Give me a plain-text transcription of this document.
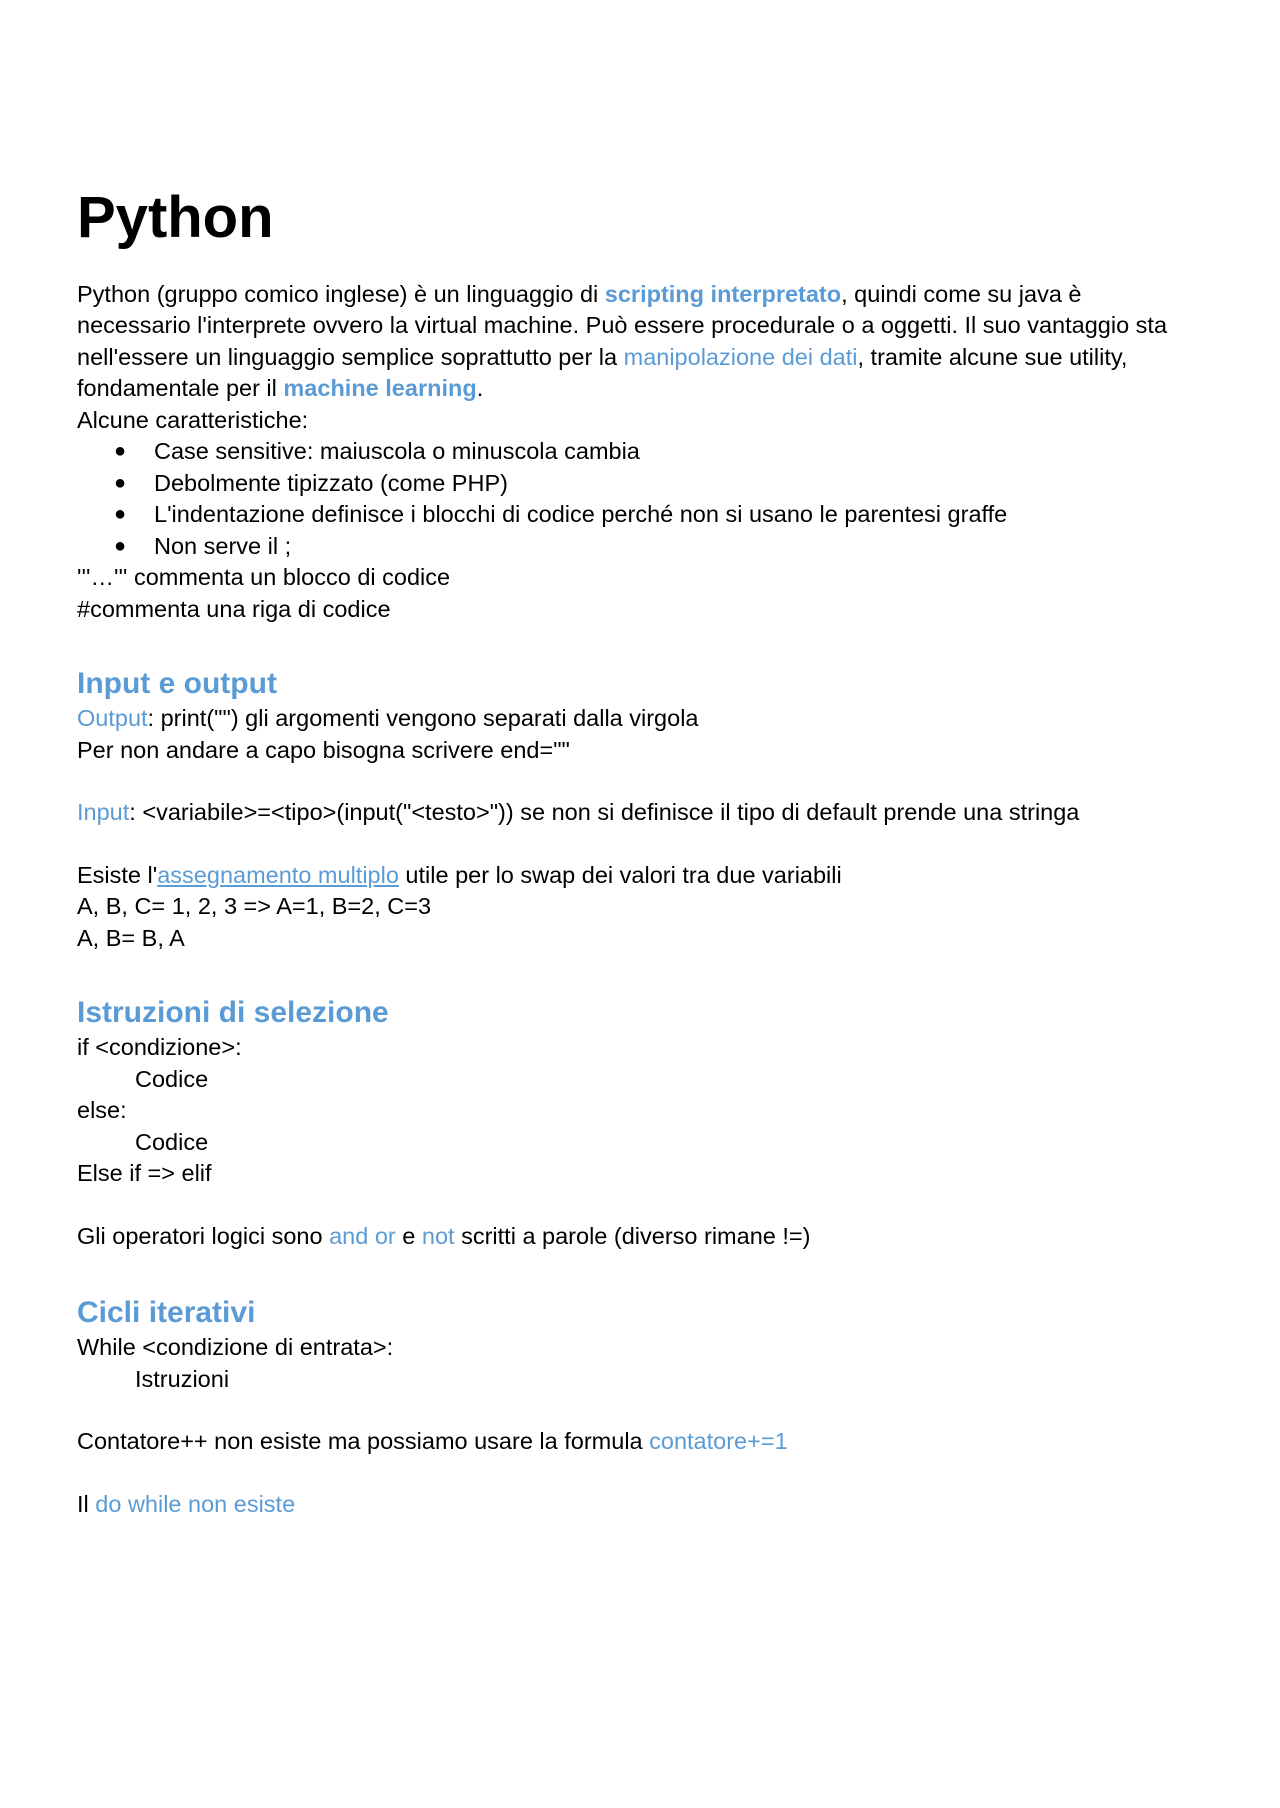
Python
Python (gruppo comico inglese) è un linguaggio di scripting interpretato, quindi come su java è
necessario l'interprete ovvero la virtual machine. Può essere procedurale o a oggetti. Il suo vantaggio sta
nell'essere un linguaggio semplice soprattutto per la manipolazione dei dati, tramite alcune sue utility,
fondamentale per il machine learning.
Alcune caratteristiche:
● Case sensitive: maiuscola o minuscola cambia
● Debolmente tipizzato (come PHP)
● L'indentazione definisce i blocchi di codice perché non si usano le parentesi graffe
● Non serve il ;
'''…''' commenta un blocco di codice
#commenta una riga di codice
Input e output
Output: print("") gli argomenti vengono separati dalla virgola
Per non andare a capo bisogna scrivere end=""
Input: <variabile>=<tipo>(input("<testo>")) se non si definisce il tipo di default prende una stringa
Esiste l'assegnamento multiplo utile per lo swap dei valori tra due variabili
A, B, C= 1, 2, 3 => A=1, B=2, C=3
A, B= B, A
Istruzioni di selezione
if <condizione>:
Codice
else:
Codice
Else if => elif
Gli operatori logici sono and or e not scritti a parole (diverso rimane !=)
Cicli iterativi
While <condizione di entrata>:
Istruzioni
Contatore++ non esiste ma possiamo usare la formula contatore+=1
Il do while non esiste
